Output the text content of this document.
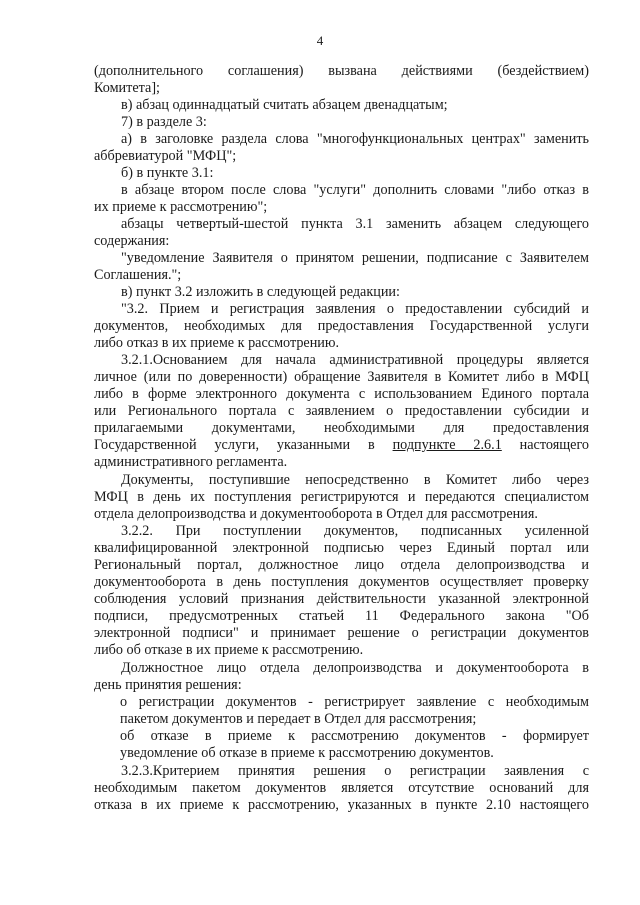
4
(дополнительного соглашения) вызвана действиями (бездействием)
Комитета];
в) абзац одиннадцатый считать абзацем двенадцатым;
7) в разделе 3:
а) в заголовке раздела слова "многофункциональных центрах" заменить
аббревиатурой "МФЦ";
б) в пункте 3.1:
в абзаце втором после слова "услуги" дополнить словами "либо отказ в
их приеме к рассмотрению";
абзацы четвертый-шестой пункта 3.1 заменить абзацем следующего
содержания:
"уведомление Заявителя о принятом решении, подписание с Заявителем
Соглашения.";
в) пункт 3.2 изложить в следующей редакции:
"3.2. Прием и регистрация заявления о предоставлении субсидий и
документов, необходимых для предоставления Государственной услуги
либо отказ в их приеме к рассмотрению.
3.2.1.Основанием для начала административной процедуры является
личное (или по доверенности) обращение Заявителя в Комитет либо в МФЦ
либо в форме электронного документа с использованием Единого портала
или Регионального портала с заявлением о предоставлении субсидии и
прилагаемыми документами, необходимыми для предоставления
Государственной услуги, указанными в подпункте 2.6.1 настоящего
административного регламента.
Документы, поступившие непосредственно в Комитет либо через
МФЦ в день их поступления регистрируются и передаются специалистом
отдела делопроизводства и документооборота в Отдел для рассмотрения.
3.2.2. При поступлении документов, подписанных усиленной
квалифицированной электронной подписью через Единый портал или
Региональный портал, должностное лицо отдела делопроизводства и
документооборота в день поступления документов осуществляет проверку
соблюдения условий признания действительности указанной электронной
подписи, предусмотренных статьей 11 Федерального закона "Об
электронной подписи" и принимает решение о регистрации документов
либо об отказе в их приеме к рассмотрению.
Должностное лицо отдела делопроизводства и документооборота в
день принятия решения:
о регистрации документов - регистрирует заявление с необходимым
пакетом документов и передает в Отдел для рассмотрения;
об отказе в приеме к рассмотрению документов - формирует
уведомление об отказе в приеме к рассмотрению документов.
3.2.3.Критерием принятия решения о регистрации заявления с
необходимым пакетом документов является отсутствие оснований для
отказа в их приеме к рассмотрению, указанных в пункте 2.10 настоящего
